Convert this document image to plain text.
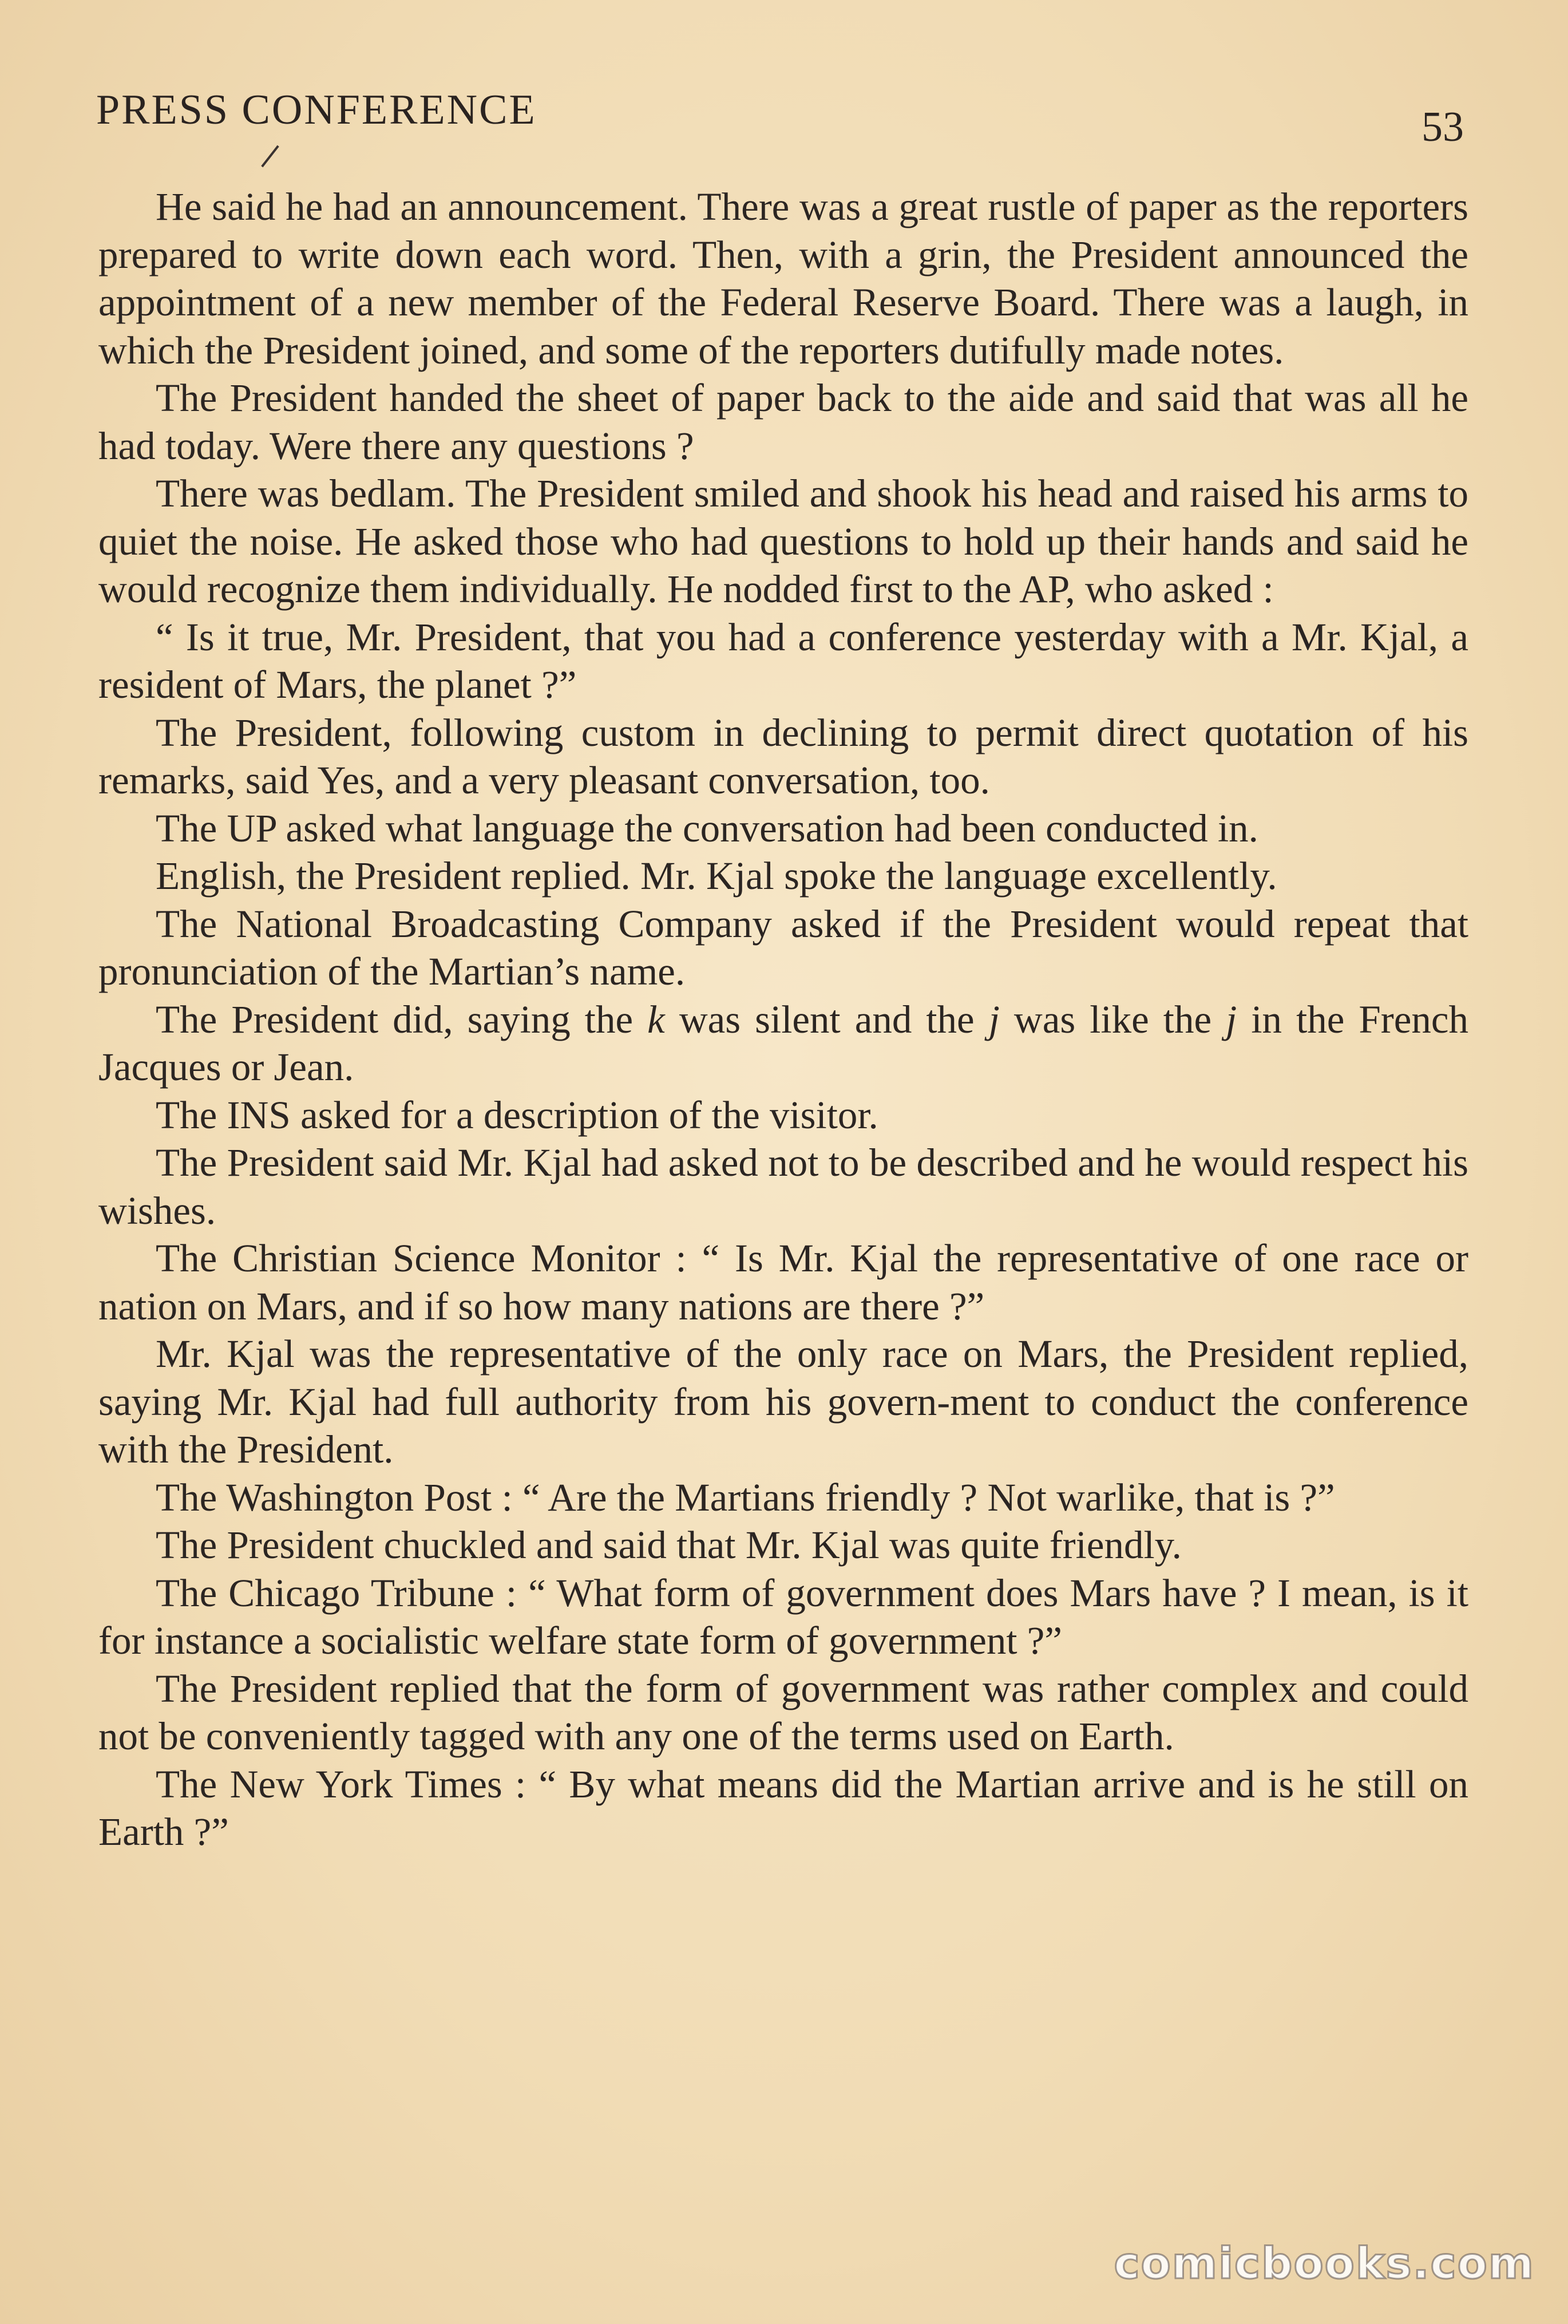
PRESS CONFERENCE	53

He said he had an announcement. There was a great rustle of paper as the reporters prepared to write down each word. Then, with a grin, the President announced the appointment of a new member of the Federal Reserve Board. There was a laugh, in which the President joined, and some of the reporters dutifully made notes.

The President handed the sheet of paper back to the aide and said that was all he had today. Were there any questions ?

There was bedlam. The President smiled and shook his head and raised his arms to quiet the noise. He asked those who had questions to hold up their hands and said he would recognize them individually. He nodded first to the AP, who asked :

“ Is it true, Mr. President, that you had a conference yesterday with a Mr. Kjal, a resident of Mars, the planet ?”

The President, following custom in declining to permit direct quotation of his remarks, said Yes, and a very pleasant conversation, too.

The UP asked what language the conversation had been conducted in.

English, the President replied. Mr. Kjal spoke the language excellently.

The National Broadcasting Company asked if the President would repeat that pronunciation of the Martian’s name.

The President did, saying the k was silent and the j was like the j in the French Jacques or Jean.

The INS asked for a description of the visitor.

The President said Mr. Kjal had asked not to be described and he would respect his wishes.

The Christian Science Monitor : “ Is Mr. Kjal the representative of one race or nation on Mars, and if so how many nations are there ?”

Mr. Kjal was the representative of the only race on Mars, the President replied, saying Mr. Kjal had full authority from his govern-ment to conduct the conference with the President.

The Washington Post : “ Are the Martians friendly ? Not warlike, that is ?”

The President chuckled and said that Mr. Kjal was quite friendly.

The Chicago Tribune : “ What form of government does Mars have ? I mean, is it for instance a socialistic welfare state form of government ?”

The President replied that the form of government was rather complex and could not be conveniently tagged with any one of the terms used on Earth.

The New York Times : “ By what means did the Martian arrive and is he still on Earth ?”

comicbooks.com
